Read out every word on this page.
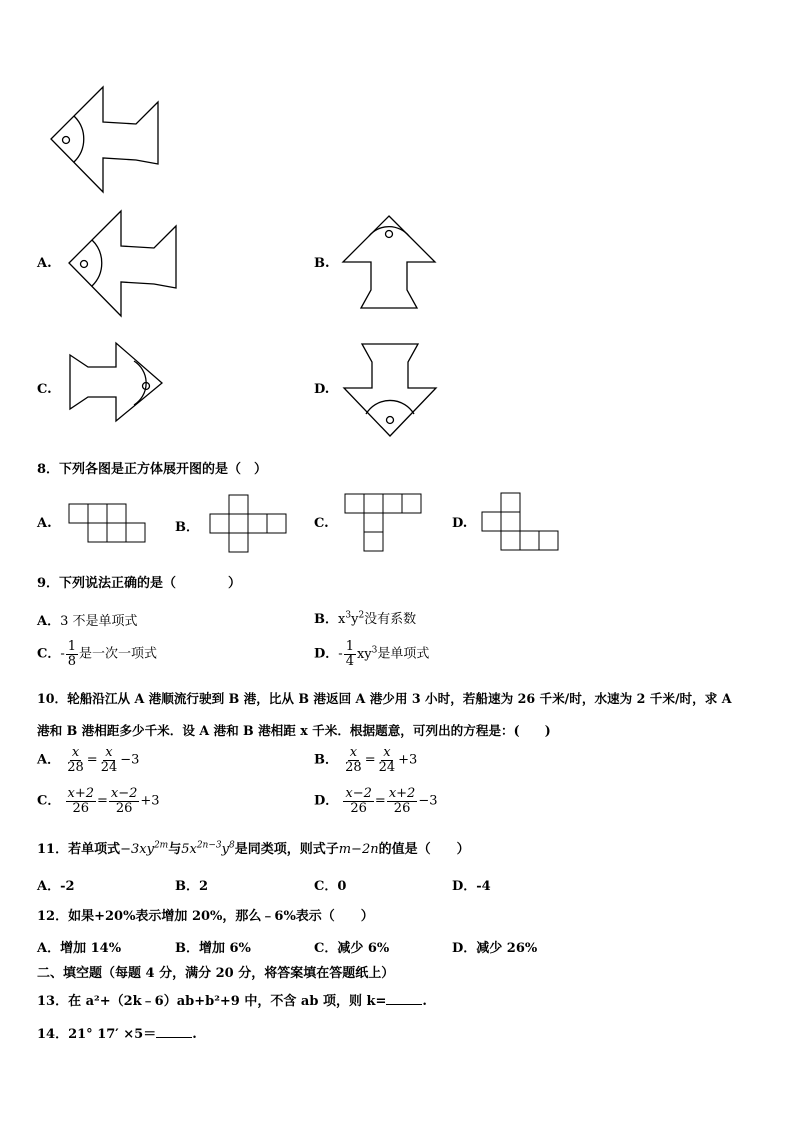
A.	B.
C.	D.
8．下列各图是正方体展开图的是（　）
A.	B．	C.	D.
9．下列说法正确的是（　　　　）
A．3 不是单项式	B．$x^3y^2$没有系数
C．- $\frac{1}{8}$ 是一次一项式	D．- $\frac{1}{4} xy^3$是单项式
10．轮船沿江从 A 港顺流行驶到 B 港，比从 B 港返回 A 港少用 3 小时，若船速为 26 千米/时，水速为 2 千米/时，求 A
港和 B 港相距多少千米．设 A 港和 B 港相距 x 千米．根据题意，可列出的方程是：(　　)
A． $\frac{x}{28} = \frac{x}{24} -3$	B． $\frac{x}{28} = \frac{x}{24} +3$
C． $\frac{x+2}{26} = \frac{x-2}{26} +3$	D． $\frac{x-2}{26} = \frac{x+2}{26} -3$
11．若单项式$-3xy^{2m}$与$5x^{2n-3}y^8$是同类项，则式子m−2n的值是（　　）
A．-2	B．2	C．0	D．-4
12．如果+20%表示增加 20%，那么﹣6%表示（　　）
A．增加 14%	B．增加 6%	C．减少 6%	D．减少 26%
二、填空题（每题 4 分，满分 20 分，将答案填在答题纸上）
13．在 a²+（2k﹣6）ab+b²+9 中，不含 ab 项，则 k=	.
14．21° 17′ ×5＝	.
